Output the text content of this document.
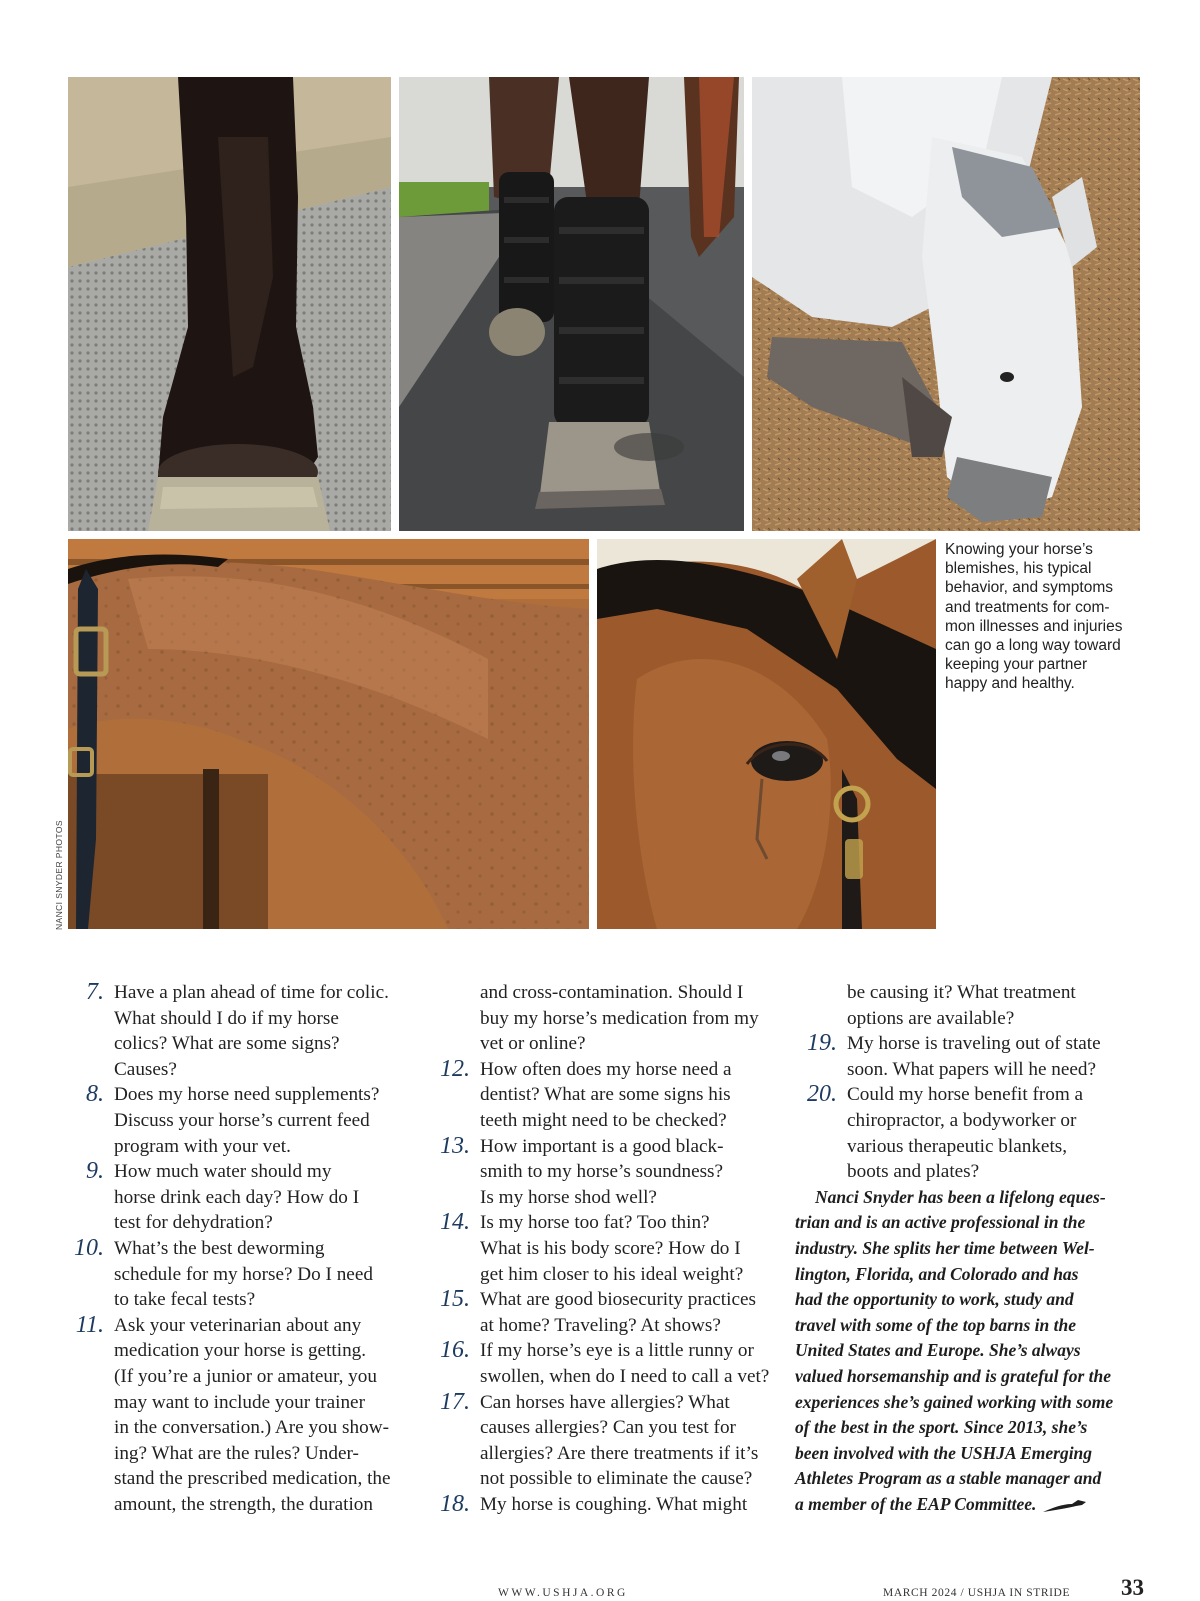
Knowing your horse’s
blemishes, his typical
behavior, and symptoms
and treatments for com-
mon illnesses and injuries
can go a long way toward
keeping your partner
happy and healthy.

NANCI SNYDER PHOTOS
7. Have a plan ahead of time for colic.
What should I do if my horse
colics? What are some signs?
Causes?
8. Does my horse need supplements?
Discuss your horse’s current feed
program with your vet.
9. How much water should my
horse drink each day? How do I
test for dehydration?
10. What’s the best deworming
schedule for my horse? Do I need
to take fecal tests?
11. Ask your veterinarian about any
medication your horse is getting.
(If you’re a junior or amateur, you
may want to include your trainer
in the conversation.) Are you show-
ing? What are the rules? Under-
stand the prescribed medication, the
amount, the strength, the duration
and cross-contamination. Should I
buy my horse’s medication from my
vet or online?
12. How often does my horse need a
dentist? What are some signs his
teeth might need to be checked?
13. How important is a good black-
smith to my horse’s soundness?
Is my horse shod well?
14. Is my horse too fat? Too thin?
What is his body score? How do I
get him closer to his ideal weight?
15. What are good biosecurity practices
at home? Traveling? At shows?
16. If my horse’s eye is a little runny or
swollen, when do I need to call a vet?
17. Can horses have allergies? What
causes allergies? Can you test for
allergies? Are there treatments if it’s
not possible to eliminate the cause?
18. My horse is coughing. What might
be causing it? What treatment
options are available?
19. My horse is traveling out of state
soon. What papers will he need?
20. Could my horse benefit from a
chiropractor, a bodyworker or
various therapeutic blankets,
boots and plates?
Nanci Snyder has been a lifelong eques-
trian and is an active professional in the
industry. She splits her time between Wel-
lington, Florida, and Colorado and has
had the opportunity to work, study and
travel with some of the top barns in the
United States and Europe. She’s always
valued horsemanship and is grateful for the
experiences she’s gained working with some
of the best in the sport. Since 2013, she’s
been involved with the USHJA Emerging
Athletes Program as a stable manager and
a member of the EAP Committee.
WWW.USHJA.ORG	MARCH 2024 / USHJA IN STRIDE 33
